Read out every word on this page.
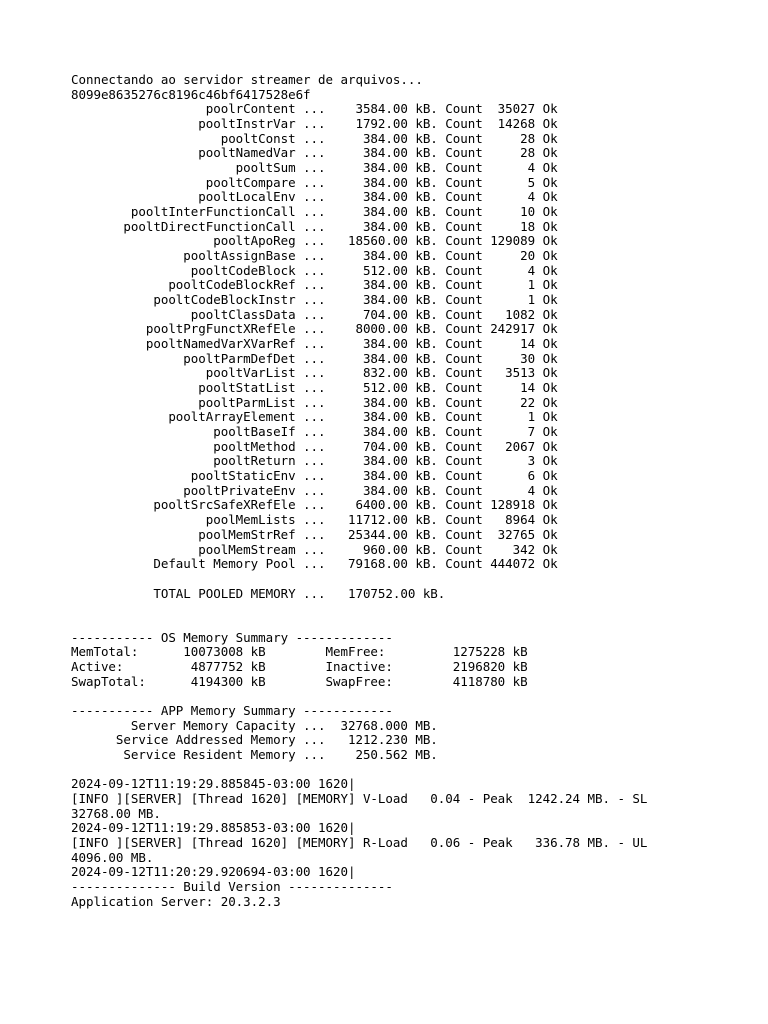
Connectando ao servidor streamer de arquivos...
8099e8635276c8196c46bf6417528e6f
poolrContent ...    3584.00 kB. Count  35027 Ok
pooltInstrVar ...    1792.00 kB. Count  14268 Ok
pooltConst ...     384.00 kB. Count     28 Ok
pooltNamedVar ...     384.00 kB. Count     28 Ok
pooltSum ...     384.00 kB. Count      4 Ok
pooltCompare ...     384.00 kB. Count      5 Ok
pooltLocalEnv ...     384.00 kB. Count      4 Ok
pooltInterFunctionCall ...     384.00 kB. Count     10 Ok
pooltDirectFunctionCall ...     384.00 kB. Count     18 Ok
pooltApoReg ...   18560.00 kB. Count 129089 Ok
pooltAssignBase ...     384.00 kB. Count     20 Ok
pooltCodeBlock ...     512.00 kB. Count      4 Ok
pooltCodeBlockRef ...     384.00 kB. Count      1 Ok
pooltCodeBlockInstr ...     384.00 kB. Count      1 Ok
pooltClassData ...     704.00 kB. Count   1082 Ok
pooltPrgFunctXRefEle ...    8000.00 kB. Count 242917 Ok
pooltNamedVarXVarRef ...     384.00 kB. Count     14 Ok
pooltParmDefDet ...     384.00 kB. Count     30 Ok
pooltVarList ...     832.00 kB. Count   3513 Ok
pooltStatList ...     512.00 kB. Count     14 Ok
pooltParmList ...     384.00 kB. Count     22 Ok
pooltArrayElement ...     384.00 kB. Count      1 Ok
pooltBaseIf ...     384.00 kB. Count      7 Ok
pooltMethod ...     704.00 kB. Count   2067 Ok
pooltReturn ...     384.00 kB. Count      3 Ok
pooltStaticEnv ...     384.00 kB. Count      6 Ok
pooltPrivateEnv ...     384.00 kB. Count      4 Ok
pooltSrcSafeXRefEle ...    6400.00 kB. Count 128918 Ok
poolMemLists ...   11712.00 kB. Count   8964 Ok
poolMemStrRef ...   25344.00 kB. Count  32765 Ok
poolMemStream ...     960.00 kB. Count    342 Ok
Default Memory Pool ...   79168.00 kB. Count 444072 Ok
TOTAL POOLED MEMORY ...   170752.00 kB.
----------- OS Memory Summary -------------
MemTotal:      10073008 kB        MemFree:         1275228 kB
Active:         4877752 kB        Inactive:        2196820 kB
SwapTotal:      4194300 kB        SwapFree:        4118780 kB
----------- APP Memory Summary ------------
Server Memory Capacity ...  32768.000 MB.
Service Addressed Memory ...   1212.230 MB.
Service Resident Memory ...    250.562 MB.
2024-09-12T11:19:29.885845-03:00 1620|
[INFO ][SERVER] [Thread 1620] [MEMORY] V-Load   0.04 - Peak  1242.24 MB. - SL
32768.00 MB.
2024-09-12T11:19:29.885853-03:00 1620|
[INFO ][SERVER] [Thread 1620] [MEMORY] R-Load   0.06 - Peak   336.78 MB. - UL
4096.00 MB.
2024-09-12T11:20:29.920694-03:00 1620|
-------------- Build Version --------------
Application Server: 20.3.2.3
